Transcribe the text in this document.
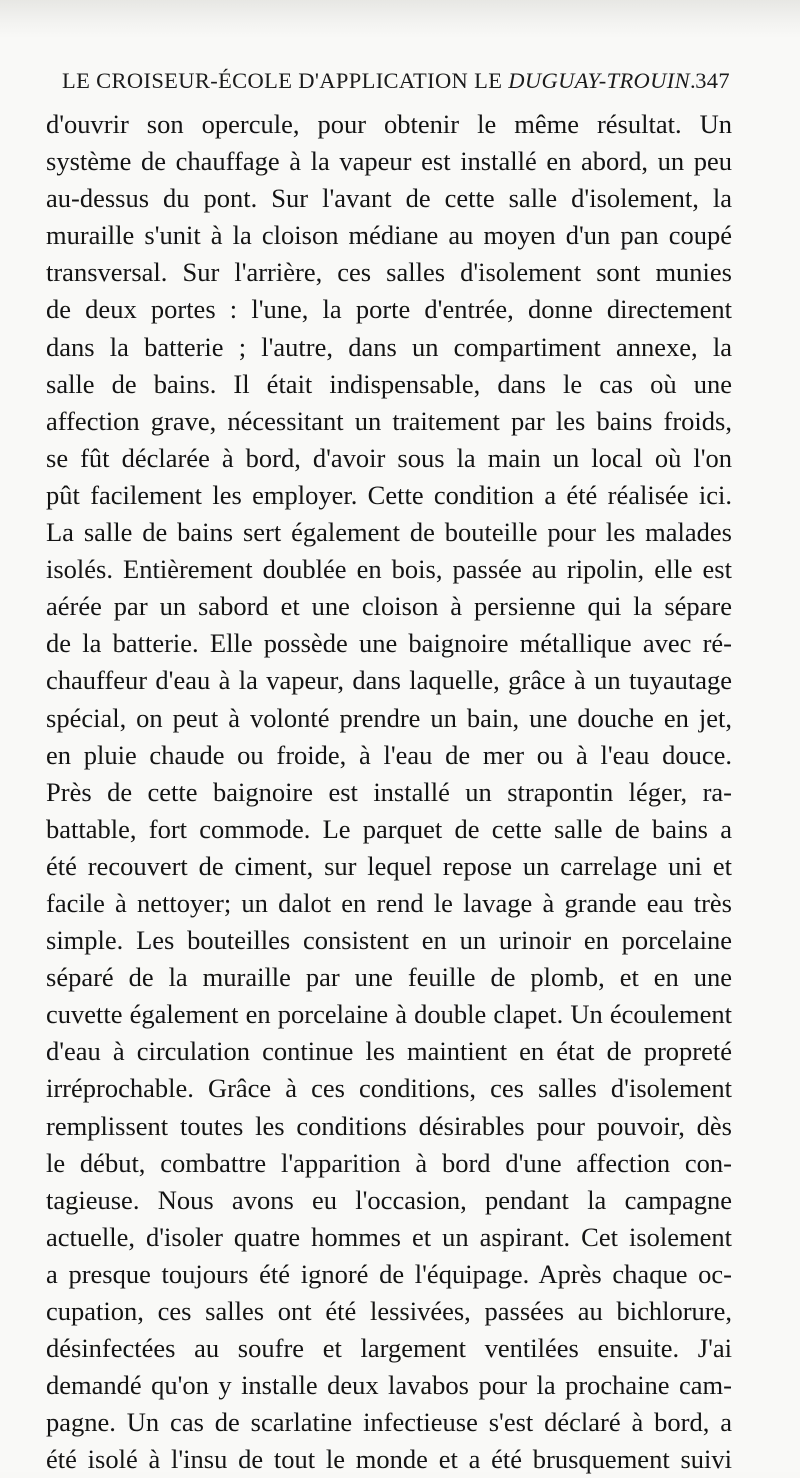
LE CROISEUR-ÉCOLE D'APPLICATION LE DUGUAY-TROUIN. 347
d'ouvrir son opercule, pour obtenir le même résultat. Un
système de chauffage à la vapeur est installé en abord, un peu
au-dessus du pont. Sur l'avant de cette salle d'isolement, la
muraille s'unit à la cloison médiane au moyen d'un pan coupé
transversal. Sur l'arrière, ces salles d'isolement sont munies
de deux portes : l'une, la porte d'entrée, donne directement
dans la batterie ; l'autre, dans un compartiment annexe, la
salle de bains. Il était indispensable, dans le cas où une
affection grave, nécessitant un traitement par les bains froids,
se fût déclarée à bord, d'avoir sous la main un local où l'on
pût facilement les employer. Cette condition a été réalisée ici.
La salle de bains sert également de bouteille pour les malades
isolés. Entièrement doublée en bois, passée au ripolin, elle est
aérée par un sabord et une cloison à persienne qui la sépare
de la batterie. Elle possède une baignoire métallique avec ré-
chauffeur d'eau à la vapeur, dans laquelle, grâce à un tuyautage
spécial, on peut à volonté prendre un bain, une douche en jet,
en pluie chaude ou froide, à l'eau de mer ou à l'eau douce.
Près de cette baignoire est installé un strapontin léger, ra-
battable, fort commode. Le parquet de cette salle de bains a
été recouvert de ciment, sur lequel repose un carrelage uni et
facile à nettoyer; un dalot en rend le lavage à grande eau très
simple. Les bouteilles consistent en un urinoir en porcelaine
séparé de la muraille par une feuille de plomb, et en une
cuvette également en porcelaine à double clapet. Un écoulement
d'eau à circulation continue les maintient en état de propreté
irréprochable. Grâce à ces conditions, ces salles d'isolement
remplissent toutes les conditions désirables pour pouvoir, dès
le début, combattre l'apparition à bord d'une affection con-
tagieuse. Nous avons eu l'occasion, pendant la campagne
actuelle, d'isoler quatre hommes et un aspirant. Cet isolement
a presque toujours été ignoré de l'équipage. Après chaque oc-
cupation, ces salles ont été lessivées, passées au bichlorure,
désinfectées au soufre et largement ventilées ensuite. J'ai
demandé qu'on y installe deux lavabos pour la prochaine cam-
pagne. Un cas de scarlatine infectieuse s'est déclaré à bord, a
été isolé à l'insu de tout le monde et a été brusquement suivi
